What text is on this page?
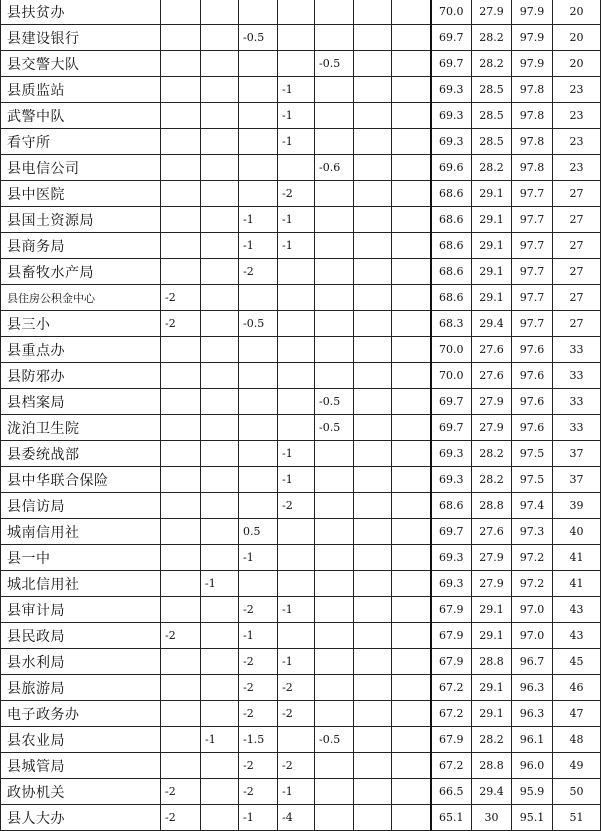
县扶贫办								70.0	27.9	97.9	20
县建设银行			-0.5					69.7	28.2	97.9	20
县交警大队					-0.5			69.7	28.2	97.9	20
县质监站				-1				69.3	28.5	97.8	23
武警中队				-1				69.3	28.5	97.8	23
看守所				-1				69.3	28.5	97.8	23
县电信公司					-0.6			69.6	28.2	97.8	23
县中医院				-2				68.6	29.1	97.7	27
县国土资源局			-1	-1				68.6	29.1	97.7	27
县商务局			-1	-1				68.6	29.1	97.7	27
县畜牧水产局			-2					68.6	29.1	97.7	27
县住房公积金中心	-2							68.6	29.1	97.7	27
县三小	-2		-0.5					68.3	29.4	97.7	27
县重点办								70.0	27.6	97.6	33
县防邪办								70.0	27.6	97.6	33
县档案局					-0.5			69.7	27.9	97.6	33
泷泊卫生院					-0.5			69.7	27.9	97.6	33
县委统战部				-1				69.3	28.2	97.5	37
县中华联合保险				-1				69.3	28.2	97.5	37
县信访局				-2				68.6	28.8	97.4	39
城南信用社			0.5					69.7	27.6	97.3	40
县一中			-1					69.3	27.9	97.2	41
城北信用社		-1						69.3	27.9	97.2	41
县审计局			-2	-1				67.9	29.1	97.0	43
县民政局	-2		-1					67.9	29.1	97.0	43
县水利局			-2	-1				67.9	28.8	96.7	45
县旅游局			-2	-2				67.2	29.1	96.3	46
电子政务办			-2	-2				67.2	29.1	96.3	47
县农业局		-1	-1.5		-0.5			67.9	28.2	96.1	48
县城管局			-2	-2				67.2	28.8	96.0	49
政协机关	-2		-2	-1				66.5	29.4	95.9	50
县人大办	-2		-1	-4				65.1	30	95.1	51
